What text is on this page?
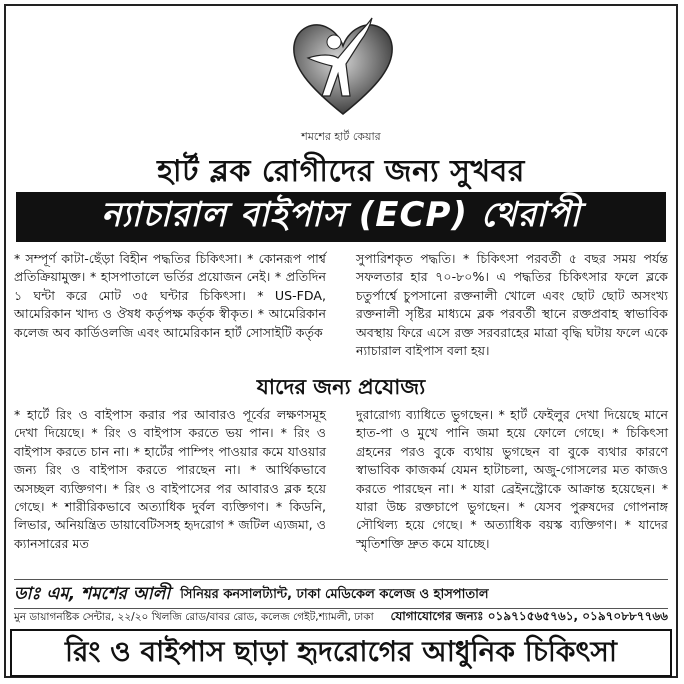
শমশের হার্ট কেয়ার
হার্ট ব্লক রোগীদের জন্য সুখবর
ন্যাচারাল বাইপাস (ECP) থেরাপী
* সম্পূর্ণ কাটা-ছেঁড়া বিহীন পদ্ধতির চিকিৎসা। * কোনরূপ পার্শ্ব প্রতিক্রিয়ামুক্ত। * হাসপাতালে ভর্তির প্রয়োজন নেই। * প্রতিদিন ১ ঘন্টা করে মোট ৩৫ ঘন্টার চিকিৎসা। * US-FDA, আমেরিকান খাদ্য ও ঔষধ কর্তৃপক্ষ কর্তৃক স্বীকৃত। * আমেরিকান কলেজ অব কার্ডিওলজি এবং আমেরিকান হার্ট সোসাইটি কর্তৃক
সুপারিশকৃত পদ্ধতি। * চিকিৎসা পরবর্তী ৫ বছর সময় পর্যন্ত সফলতার হার ৭০-৮০%। এ পদ্ধতির চিকিৎসার ফলে ব্লকে চতুর্পার্শ্বে চুপসানো রক্তনালী খোলে এবং ছোট ছোট অসংখ্য রক্তনালী সৃষ্টির মাধ্যমে ব্লক পরবর্তী স্থানে রক্তপ্রবাহ স্বাভাবিক অবস্থায় ফিরে এসে রক্ত সরবরাহের মাত্রা বৃদ্ধি ঘটায় ফলে একে ন্যাচারাল বাইপাস বলা হয়।
যাদের জন্য প্রযোজ্য
* হার্টে রিং ও বাইপাস করার পর আবারও পূর্বের লক্ষণসমূহ দেখা দিয়েছে। * রিং ও বাইপাস করতে ভয় পান। * রিং ও বাইপাস করতে চান না। * হার্টের পাম্পিং পাওয়ার কমে যাওয়ার জন্য রিং ও বাইপাস করতে পারছেন না। * আর্থিকভাবে অসচ্ছল ব্যক্তিগণ। * রিং ও বাইপাসের পর আবারও ব্লক হয়ে গেছে। * শারীরিকভাবে অত্যাধিক দুর্বল ব্যক্তিগণ। * কিডনি, লিভার, অনিয়ন্ত্রিত ডায়াবেটিসসহ হৃদরোগ * জটিল এ্যজমা, ও ক্যানসারের মত
দুরারোগ্য ব্যাধিতে ভুগছেন। * হার্ট ফেইলুর দেখা দিয়েছে মানে হাত-পা ও মুখে পানি জমা হয়ে ফোলে গেছে। * চিকিৎসা গ্রহনের পরও বুকে ব্যথায় ভুগছেন বা বুকে ব্যথার কারণে স্বাভাবিক কাজকর্ম যেমন হাটাচলা, অজু-গোসলের মত কাজও করতে পারছেন না। * যারা ব্রেইনস্ট্রোকে আক্রান্ত হয়েছেন। * যারা উচ্চ রক্তচাপে ভুগছেন। * যেসব পুরুষদের গোপনাঙ্গ সৌথিল্য হয়ে গেছে। * অত্যাধিক বয়স্ক ব্যক্তিগণ। * যাদের স্মৃতিশক্তি দ্রুত কমে যাচ্ছে।
ডাঃ এম, শমশের আলী সিনিয়র কনসালট্যান্ট, ঢাকা মেডিকেল কলেজ ও হাসপাতাল
মুন ডায়াগনষ্টিক সেন্টার, ২২/২০ খিলজি রোড/বাবর রোড, কলেজ গেইট,শ্যামলী, ঢাকা যোগাযোগের জন্যঃ ০১৯৭১৫৬৫৭৬১, ০১৯৭০৮৮৭৭৬৬
রিং ও বাইপাস ছাড়া হৃদরোগের আধুনিক চিকিৎসা
